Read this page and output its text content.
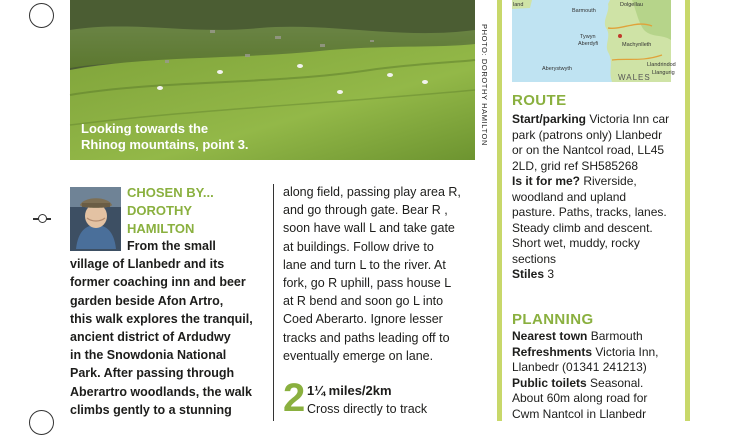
Looking towards the
Rhinog mountains, point 3.	PHOTO: DOROTHY HAMILTON
CHOSEN BY...
DOROTHY
HAMILTON
From the small
village of Llanbedr and its
former coaching inn and beer
garden beside Afon Artro,
this walk explores the tranquil,
ancient district of Ardudwy
in the Snowdonia National
Park. After passing through
Aberartro woodlands, the walk
climbs gently to a stunning
along field, passing play area R,
and go through gate. Bear R ,
soon have wall L and take gate
at buildings. Follow drive to
lane and turn L to the river. At
fork, go R uphill, pass house L
at R bend and soon go L into
Coed Aberarto. Ignore lesser
tracks and paths leading off to
eventually emerge on lane.
2 1¼ miles/2km
Cross directly to track
land
Barmouth
Dolgellau
Tywyn
Aberdyfi	Machynlleth
Aberystwyth
Llandrindod
Llangurig
WALES
ROUTE
Start/parking Victoria Inn car park (patrons only) Llanbedr or on the Nantcol road, LL45 2LD, grid ref SH585268
Is it for me? Riverside, woodland and upland pasture. Paths, tracks, lanes. Steady climb and descent. Short wet, muddy, rocky sections
Stiles 3
PLANNING
Nearest town Barmouth
Refreshments Victoria Inn, Llanbedr (01341 241213)
Public toilets Seasonal. About 60m along road for Cwm Nantcol in Llanbedr
